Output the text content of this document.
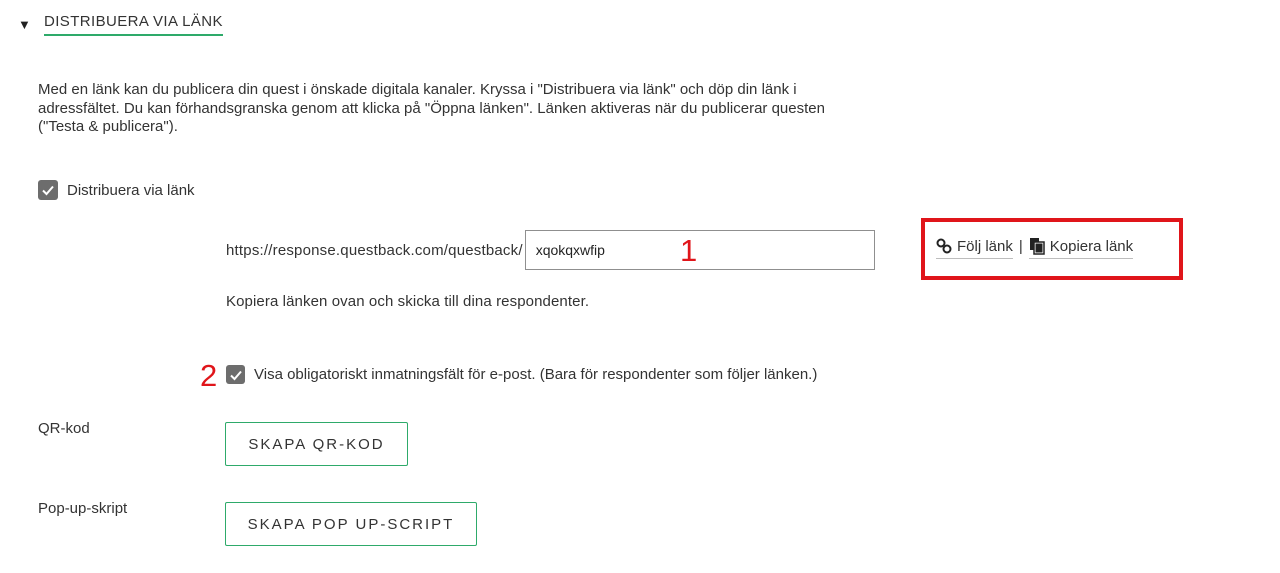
▼ DISTRIBUERA VIA LÄNK
Med en länk kan du publicera din quest i önskade digitala kanaler. Kryssa i "Distribuera via länk" och döp din länk i adressfältet. Du kan förhandsgranska genom att klicka på "Öppna länken". Länken aktiveras när du publicerar questen ("Testa & publicera").
Distribuera via länk
https://response.questback.com/questback/
xqokqxwfip	1	Följ länk | Kopiera länk
Kopiera länken ovan och skicka till dina respondenter.
2 Visa obligatoriskt inmatningsfält för e-post. (Bara för respondenter som följer länken.)
QR-kod
SKAPA QR-KOD
Pop-up-skript
SKAPA POP UP-SCRIPT
